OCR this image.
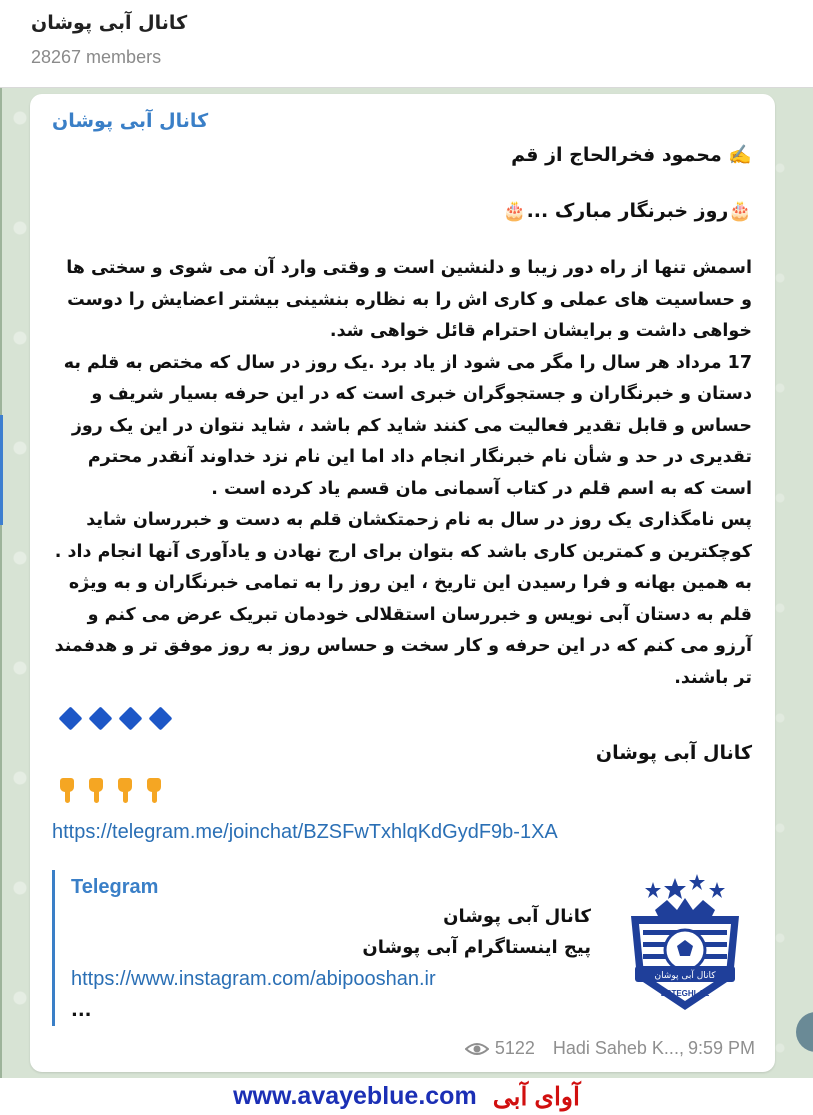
کانال آبی پوشان
28267 members
کانال آبی پوشان

✍️ محمود فخرالحاج از قم

🎂روز خبرنگار مبارک ...🎂

اسمش تنها از راه دور زیبا و دلنشین است و وقتی وارد آن می شوی و سختی ها و حساسیت های عملی و کاری اش را به نظاره بنشینی بیشتر اعضایش را دوست خواهی داشت و برایشان احترام قائل خواهی شد.

17 مرداد هر سال را مگر می شود از یاد برد .یک روز در سال که مختص به قلم به دستان و خبرنگاران و جستجوگران خبری است که در این حرفه بسیار شریف و حساس و قابل تقدیر فعالیت می کنند شاید کم باشد ، شاید نتوان در این یک روز تقدیری در حد و شأن نام خبرنگار انجام داد اما این نام نزد خداوند آنقدر محترم است که به اسم قلم در کتاب آسمانی مان قسم یاد کرده است .

پس نامگذاری یک روز در سال به نام زحمتکشان قلم به دست و خبررسان شاید کوچکترین و کمترین کاری باشد که بتوان برای ارج نهادن و یادآوری آنها انجام داد .

به همین بهانه و فرا رسیدن این تاریخ ، این روز را به تمامی خبرنگاران و به ویژه قلم به دستان آبی نویس و خبررسان استقلالی خودمان تبریک عرض می کنم و آرزو می کنم که در این حرفه و کار سخت و حساس روز به روز موفق تر و هدفمند تر باشند.

کانال آبی پوشان

https://telegram.me/joinchat/BZSFwTxhlqKdGydF9b-1XA
Telegram
کانال آبی پوشان
پیج اینستاگرام آبی پوشان
https://www.instagram.com/abipooshan.ir
...
کانال آبی پوشان
ESTEGHLAL
5122 Hadi Saheb K..., 9:59 PM
www.avayeblue.com آوای آبی
